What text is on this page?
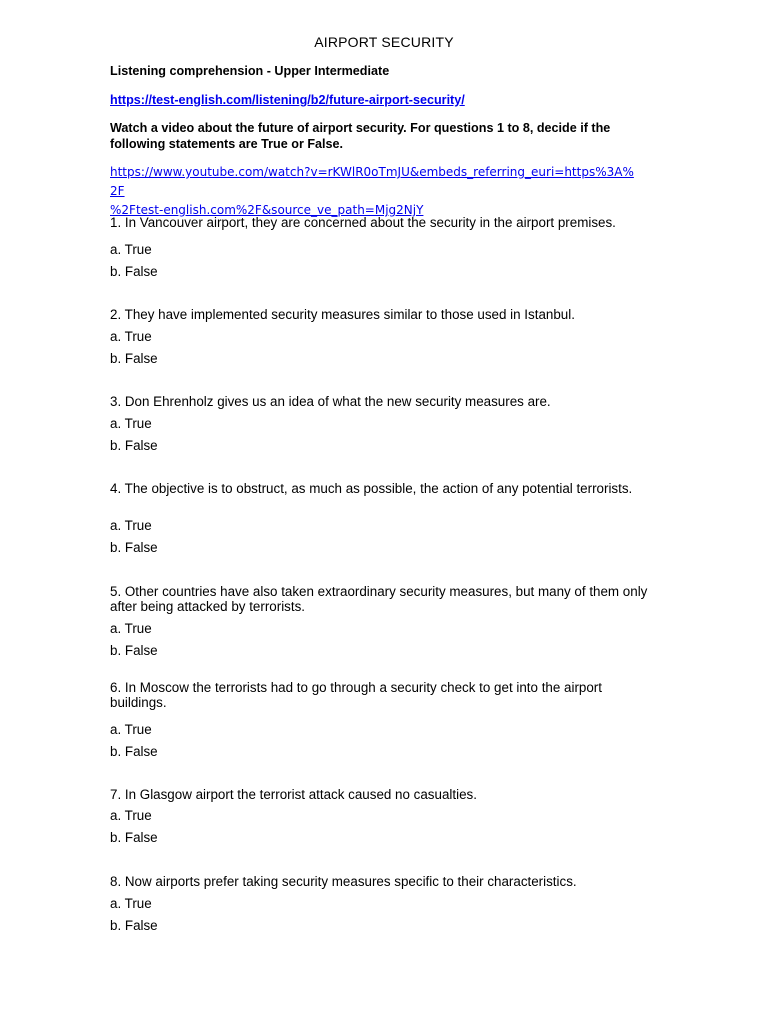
AIRPORT SECURITY
Listening comprehension - Upper Intermediate
https://test-english.com/listening/b2/future-airport-security/
Watch a video about the future of airport security. For questions 1 to 8, decide if the following statements are True or False.
https://www.youtube.com/watch?v=rKWlR0oTmJU&embeds_referring_euri=https%3A%2F
%2Ftest-english.com%2F&source_ve_path=Mjg2NjY
1. In Vancouver airport, they are concerned about the security in the airport premises.
a. True
b. False
2. They have implemented security measures similar to those used in Istanbul.
a. True
b. False
3. Don Ehrenholz gives us an idea of what the new security measures are.
a. True
b. False
4. The objective is to obstruct, as much as possible, the action of any potential terrorists.
a. True
b. False
5. Other countries have also taken extraordinary security measures, but many of them only after being attacked by terrorists.
a. True
b. False
6. In Moscow the terrorists had to go through a security check to get into the airport buildings.
a. True
b. False
7. In Glasgow airport the terrorist attack caused no casualties.
a. True
b. False
8. Now airports prefer taking security measures specific to their characteristics.
a. True
b. False
